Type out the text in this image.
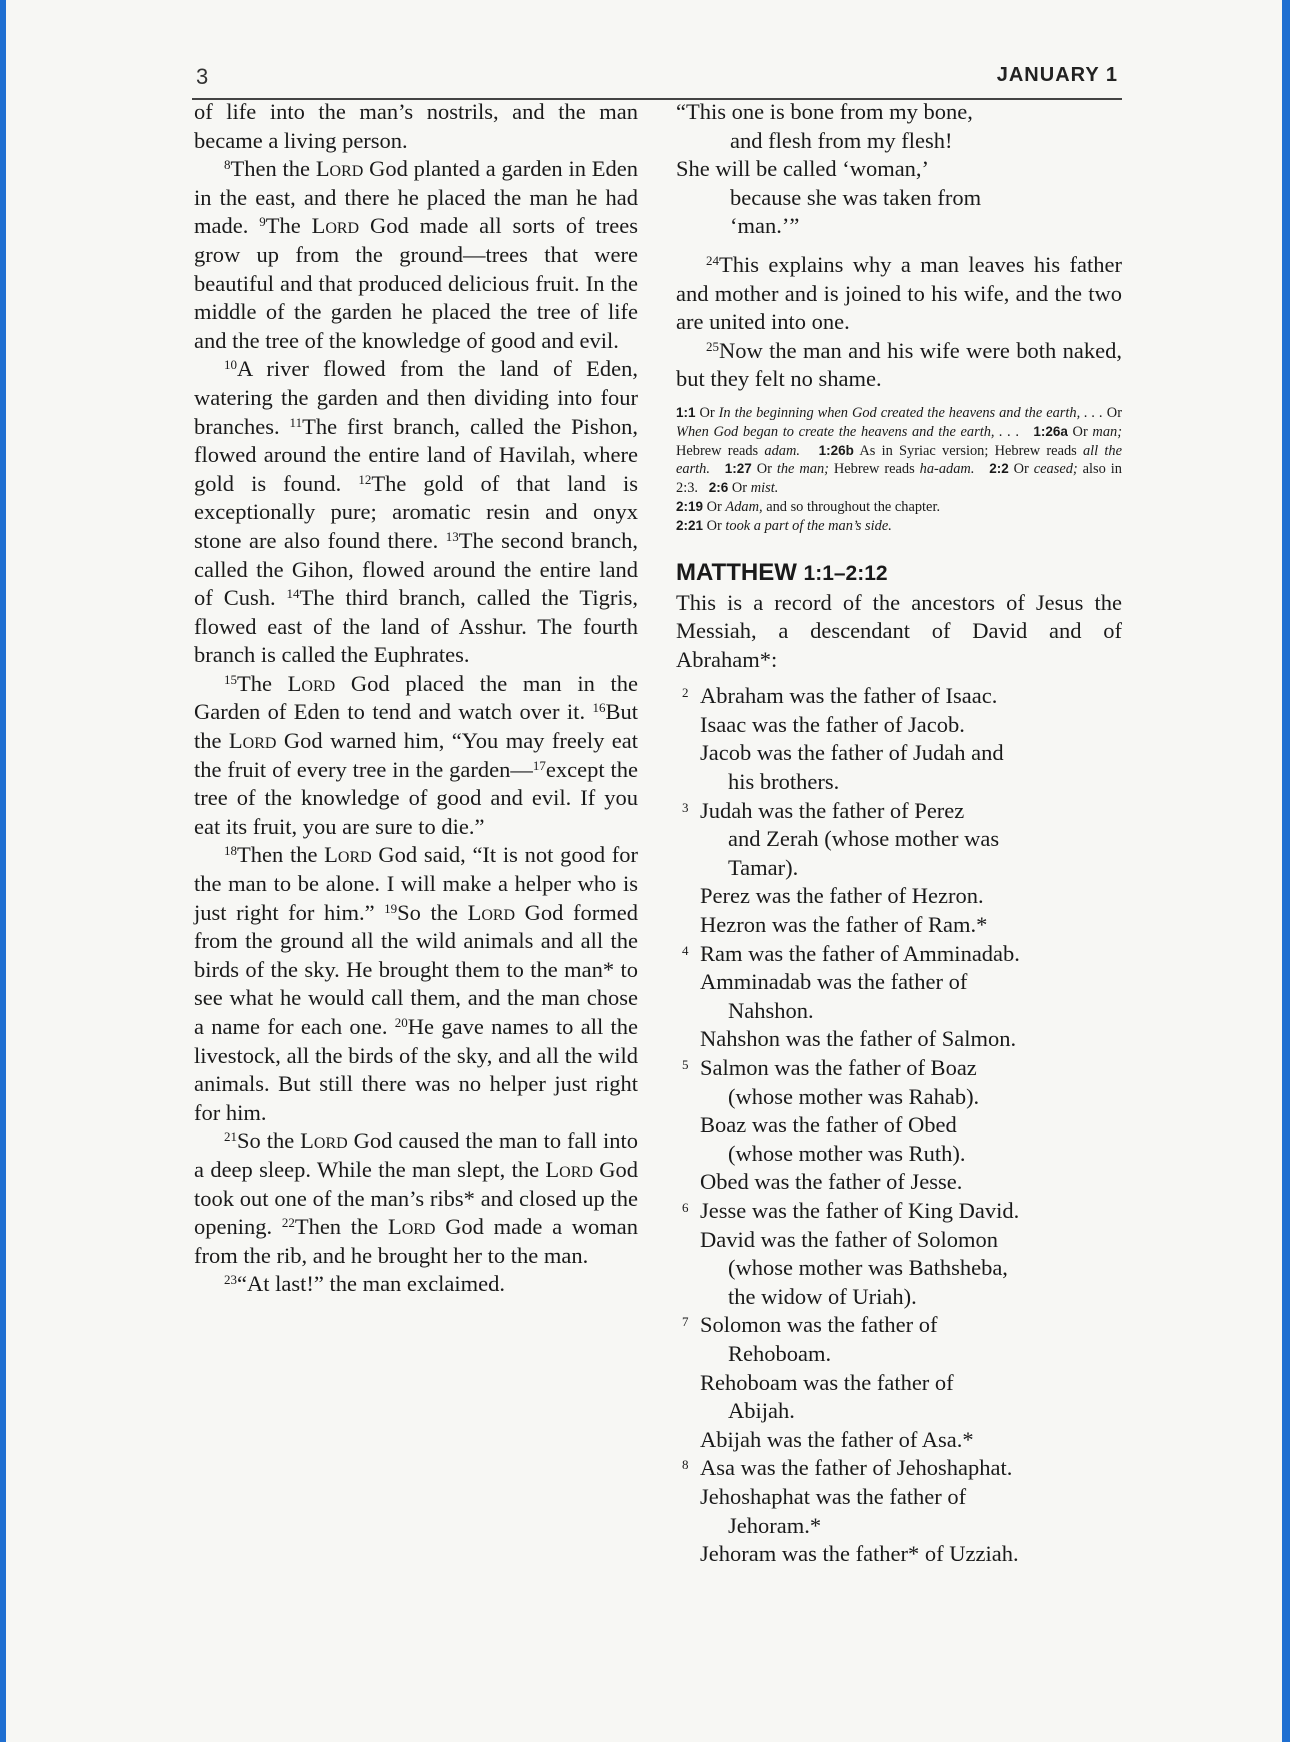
3	JANUARY 1

of life into the man’s nostrils, and the man became a living person.

$^8$Then the Lord God planted a garden in Eden in the east, and there he placed the man he had made. $^9$The Lord God made all sorts of trees grow up from the ground—trees that were beautiful and that produced delicious fruit. In the middle of the garden he placed the tree of life and the tree of the knowledge of good and evil.

$^{10}$A river flowed from the land of Eden, watering the garden and then dividing into four branches. $^{11}$The first branch, called the Pishon, flowed around the entire land of Havilah, where gold is found. $^{12}$The gold of that land is exceptionally pure; aromatic resin and onyx stone are also found there. $^{13}$The second branch, called the Gihon, flowed around the entire land of Cush. $^{14}$The third branch, called the Tigris, flowed east of the land of Asshur. The fourth branch is called the Euphrates.

$^{15}$The Lord God placed the man in the Garden of Eden to tend and watch over it. $^{16}$But the Lord God warned him, “You may freely eat the fruit of every tree in the garden—$^{17}$except the tree of the knowledge of good and evil. If you eat its fruit, you are sure to die.”

$^{18}$Then the Lord God said, “It is not good for the man to be alone. I will make a helper who is just right for him.” $^{19}$So the Lord God formed from the ground all the wild animals and all the birds of the sky. He brought them to the man* to see what he would call them, and the man chose a name for each one. $^{20}$He gave names to all the livestock, all the birds of the sky, and all the wild animals. But still there was no helper just right for him.

$^{21}$So the Lord God caused the man to fall into a deep sleep. While the man slept, the Lord God took out one of the man’s ribs* and closed up the opening. $^{22}$Then the Lord God made a woman from the rib, and he brought her to the man.

$^{23}$“At last!” the man exclaimed.

“This one is bone from my bone,
and flesh from my flesh!
She will be called ‘woman,’
because she was taken from
‘man.’”

$^{24}$This explains why a man leaves his father and mother and is joined to his wife, and the two are united into one.

$^{25}$Now the man and his wife were both naked, but they felt no shame.

1:1 Or In the beginning when God created the heavens and the earth, . . . Or When God began to create the heavens and the earth, . . . 1:26a Or man; Hebrew reads adam. 1:26b As in Syriac version; Hebrew reads all the earth. 1:27 Or the man; Hebrew reads ha-adam. 2:2 Or ceased; also in 2:3. 2:6 Or mist.
2:19 Or Adam, and so throughout the chapter.
2:21 Or took a part of the man’s side.
MATTHEW 1:1–2:12

This is a record of the ancestors of Jesus the Messiah, a descendant of David and of Abraham*:

2 Abraham was the father of Isaac.
Isaac was the father of Jacob.
Jacob was the father of Judah and
his brothers.
3 Judah was the father of Perez
and Zerah (whose mother was
Tamar).
Perez was the father of Hezron.
Hezron was the father of Ram.*
4 Ram was the father of Amminadab.
Amminadab was the father of
Nahshon.
Nahshon was the father of Salmon.
5 Salmon was the father of Boaz
(whose mother was Rahab).
Boaz was the father of Obed
(whose mother was Ruth).
Obed was the father of Jesse.
6 Jesse was the father of King David.
David was the father of Solomon
(whose mother was Bathsheba,
the widow of Uriah).
7 Solomon was the father of
Rehoboam.
Rehoboam was the father of
Abijah.
Abijah was the father of Asa.*
8 Asa was the father of Jehoshaphat.
Jehoshaphat was the father of
Jehoram.*
Jehoram was the father* of Uzziah.
